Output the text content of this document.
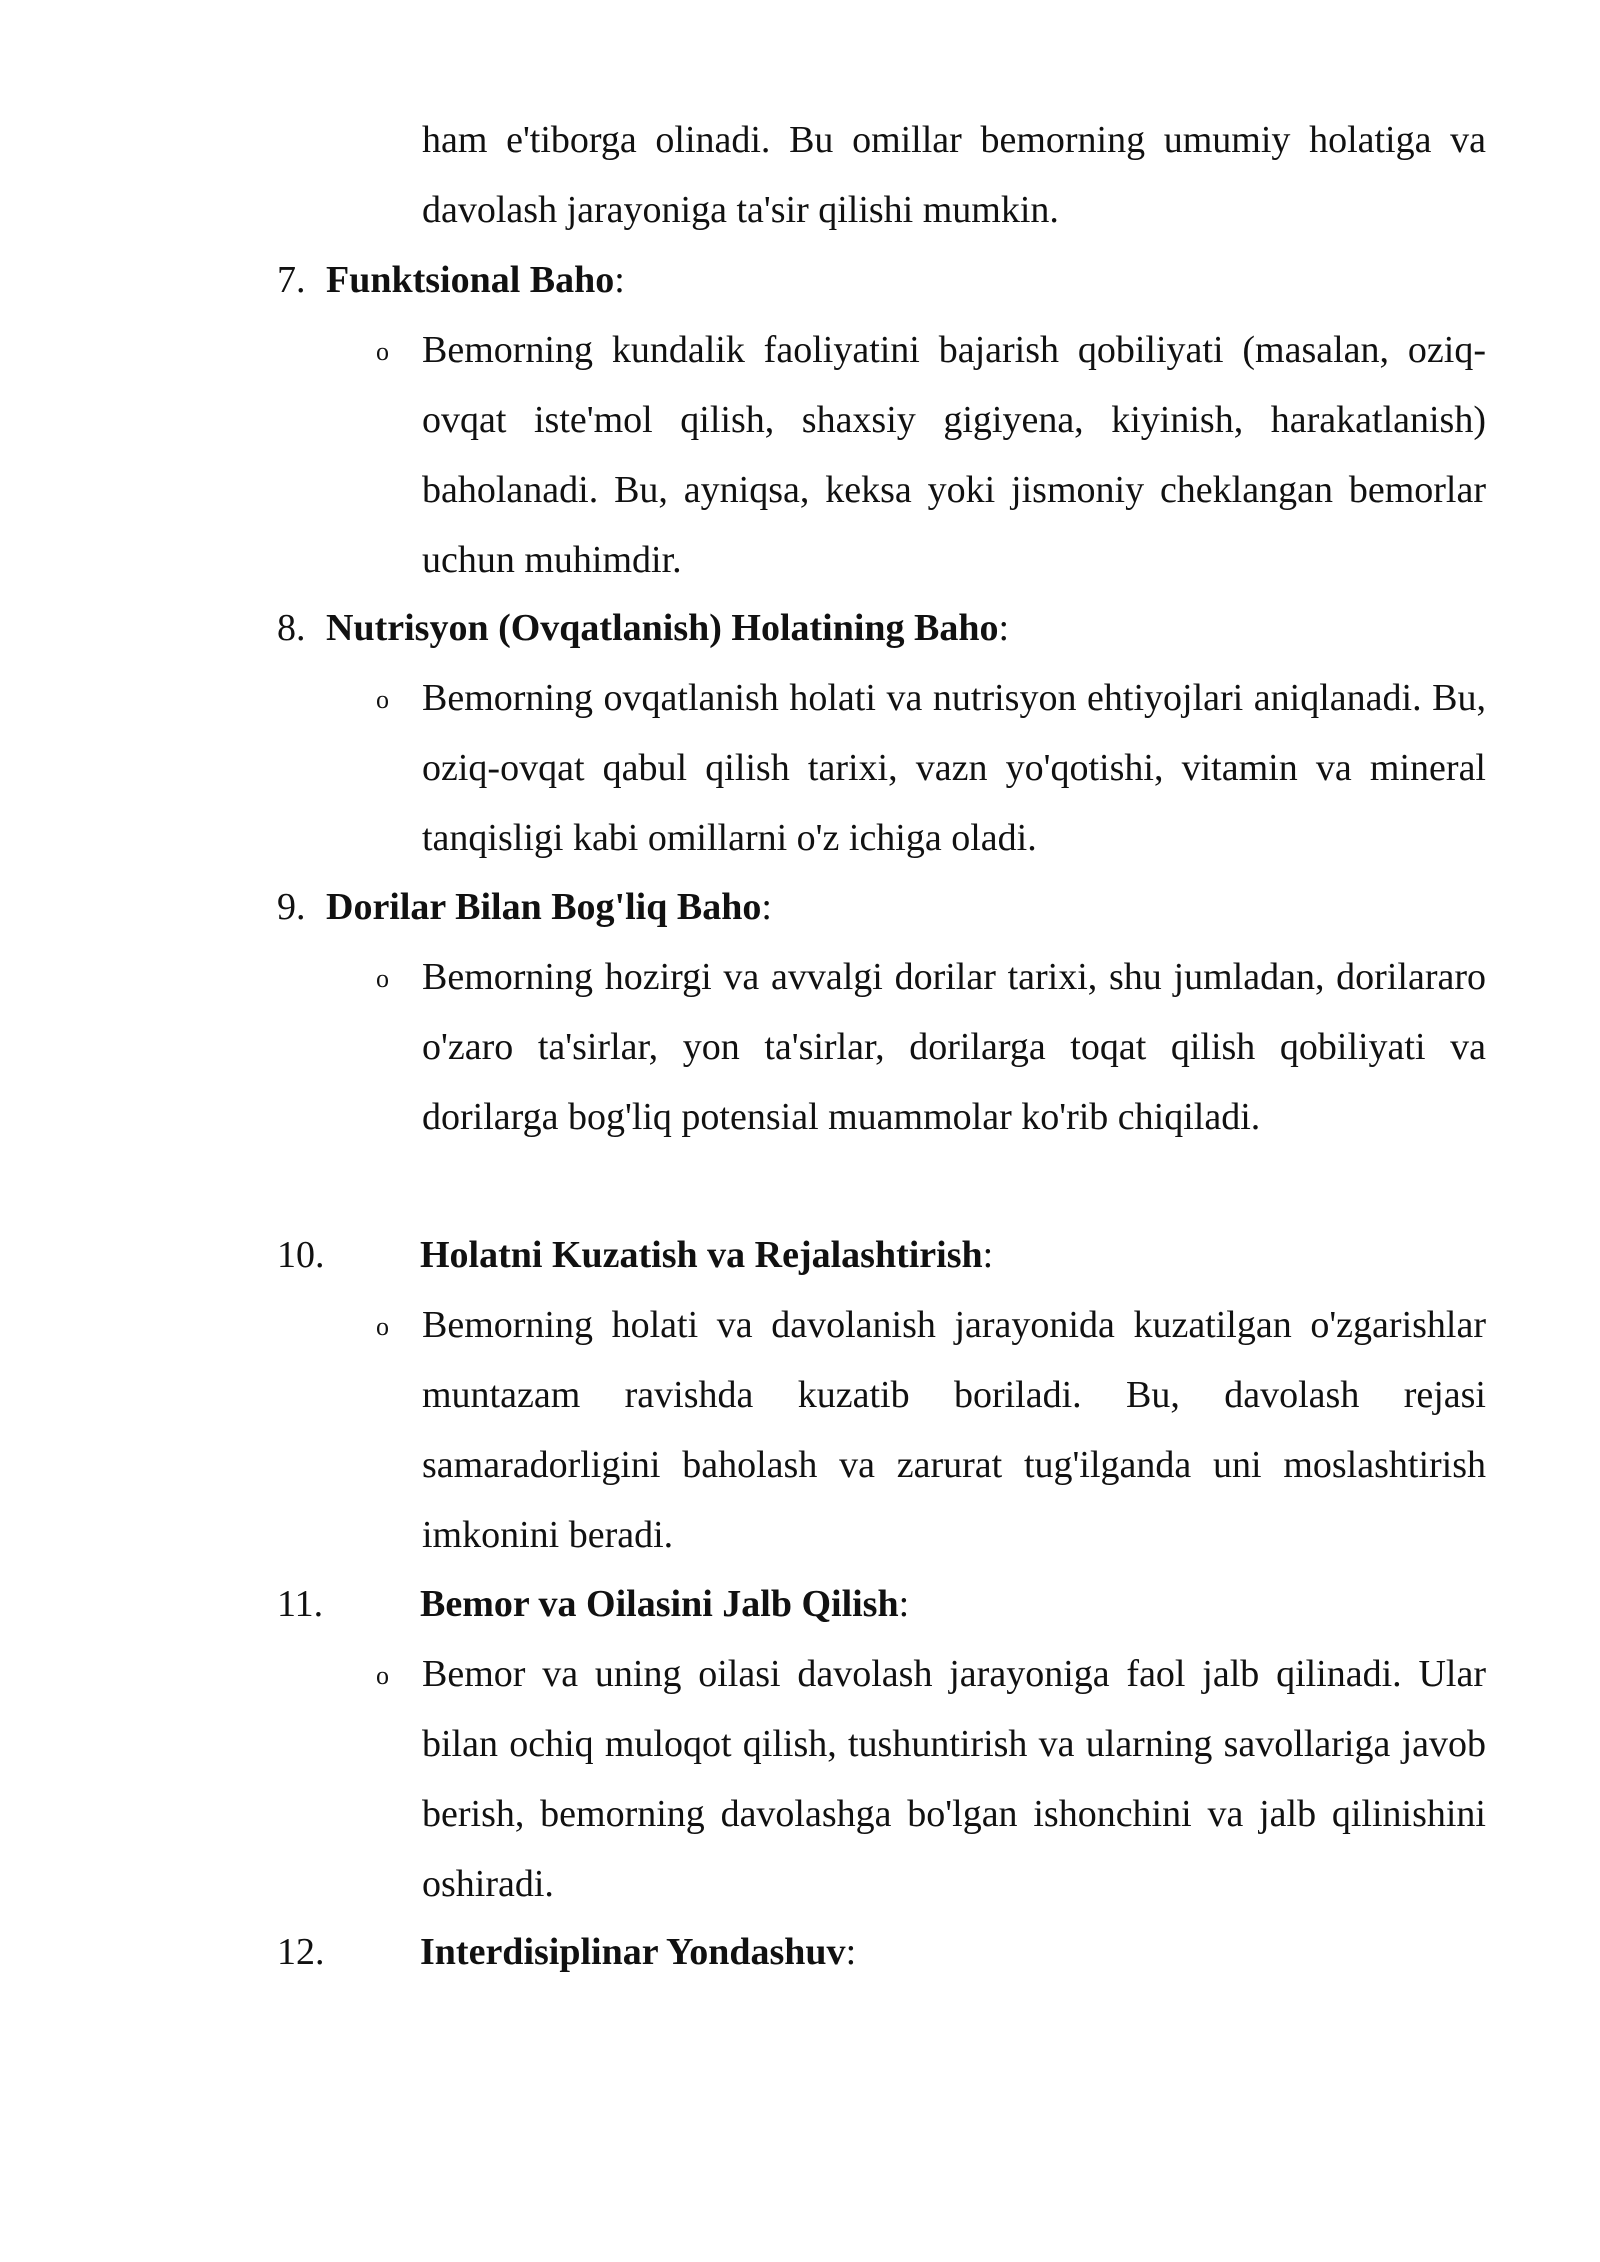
ham e'tiborga olinadi. Bu omillar bemorning umumiy holatiga va davolash jarayoniga ta'sir qilishi mumkin.
7. Funktsional Baho:
o Bemorning kundalik faoliyatini bajarish qobiliyati (masalan, oziq-ovqat iste'mol qilish, shaxsiy gigiyena, kiyinish, harakatlanish) baholanadi. Bu, ayniqsa, keksa yoki jismoniy cheklangan bemorlar uchun muhimdir.
8. Nutrisyon (Ovqatlanish) Holatining Baho:
o Bemorning ovqatlanish holati va nutrisyon ehtiyojlari aniqlanadi. Bu, oziq-ovqat qabul qilish tarixi, vazn yo'qotishi, vitamin va mineral tanqisligi kabi omillarni o'z ichiga oladi.
9. Dorilar Bilan Bog'liq Baho:
o Bemorning hozirgi va avvalgi dorilar tarixi, shu jumladan, dorilararo o'zaro ta'sirlar, yon ta'sirlar, dorilarga toqat qilish qobiliyati va dorilarga bog'liq potensial muammolar ko'rib chiqiladi.
10.	Holatni Kuzatish va Rejalashtirish:
o Bemorning holati va davolanish jarayonida kuzatilgan o'zgarishlar muntazam ravishda kuzatib boriladi. Bu, davolash rejasi samaradorligini baholash va zarurat tug'ilganda uni moslashtirish imkonini beradi.
11.	Bemor va Oilasini Jalb Qilish:
o Bemor va uning oilasi davolash jarayoniga faol jalb qilinadi. Ular bilan ochiq muloqot qilish, tushuntirish va ularning savollariga javob berish, bemorning davolashga bo'lgan ishonchini va jalb qilinishini oshiradi.
12.	Interdisiplinar Yondashuv:
